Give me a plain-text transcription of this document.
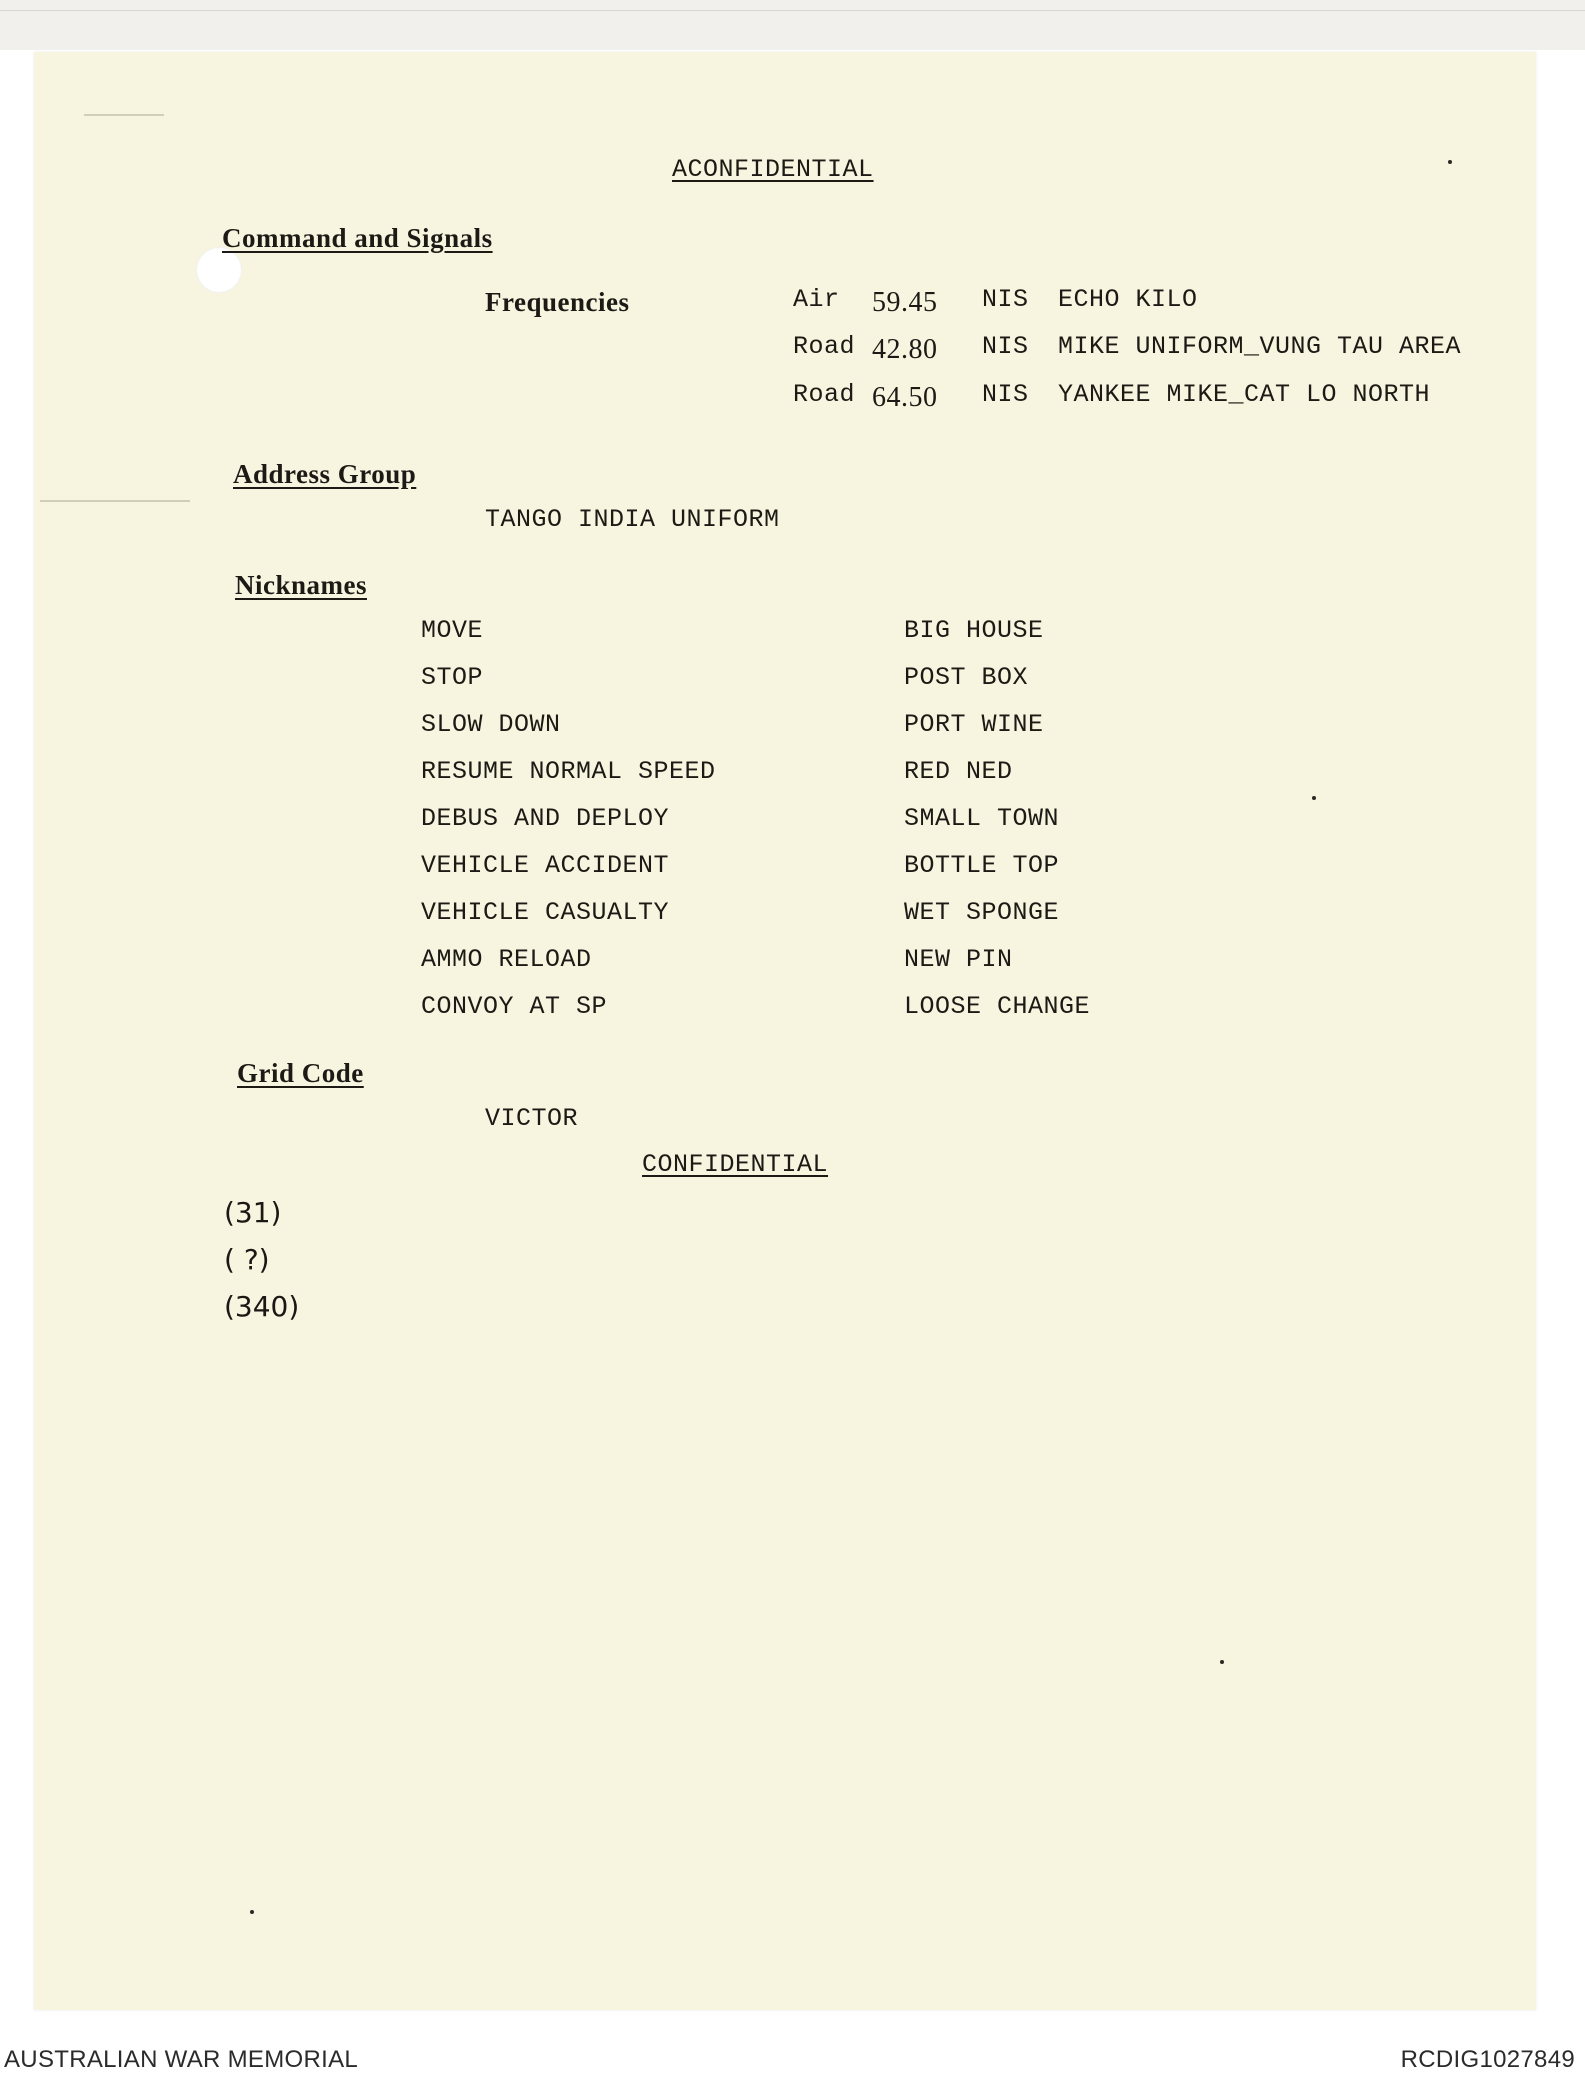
ACONFIDENTIAL
Command and Signals
Frequencies	Air 59.45 NIS ECHO KILO
Road 42.80 NIS MIKE UNIFORM_VUNG TAU AREA
Road 64.50 NIS YANKEE MIKE_CAT LO NORTH
Address Group
TANGO INDIA UNIFORM
Nicknames
MOVE	BIG HOUSE
STOP	POST BOX
SLOW DOWN	PORT WINE
RESUME NORMAL SPEED	RED NED
DEBUS AND DEPLOY	SMALL TOWN
VEHICLE ACCIDENT	BOTTLE TOP
VEHICLE CASUALTY	WET SPONGE
AMMO RELOAD	NEW PIN
CONVOY AT SP	LOOSE CHANGE
Grid Code
VICTOR
CONFIDENTIAL
(31)
( ?)
(340)
AUSTRALIAN WAR MEMORIAL	RCDIG1027849
